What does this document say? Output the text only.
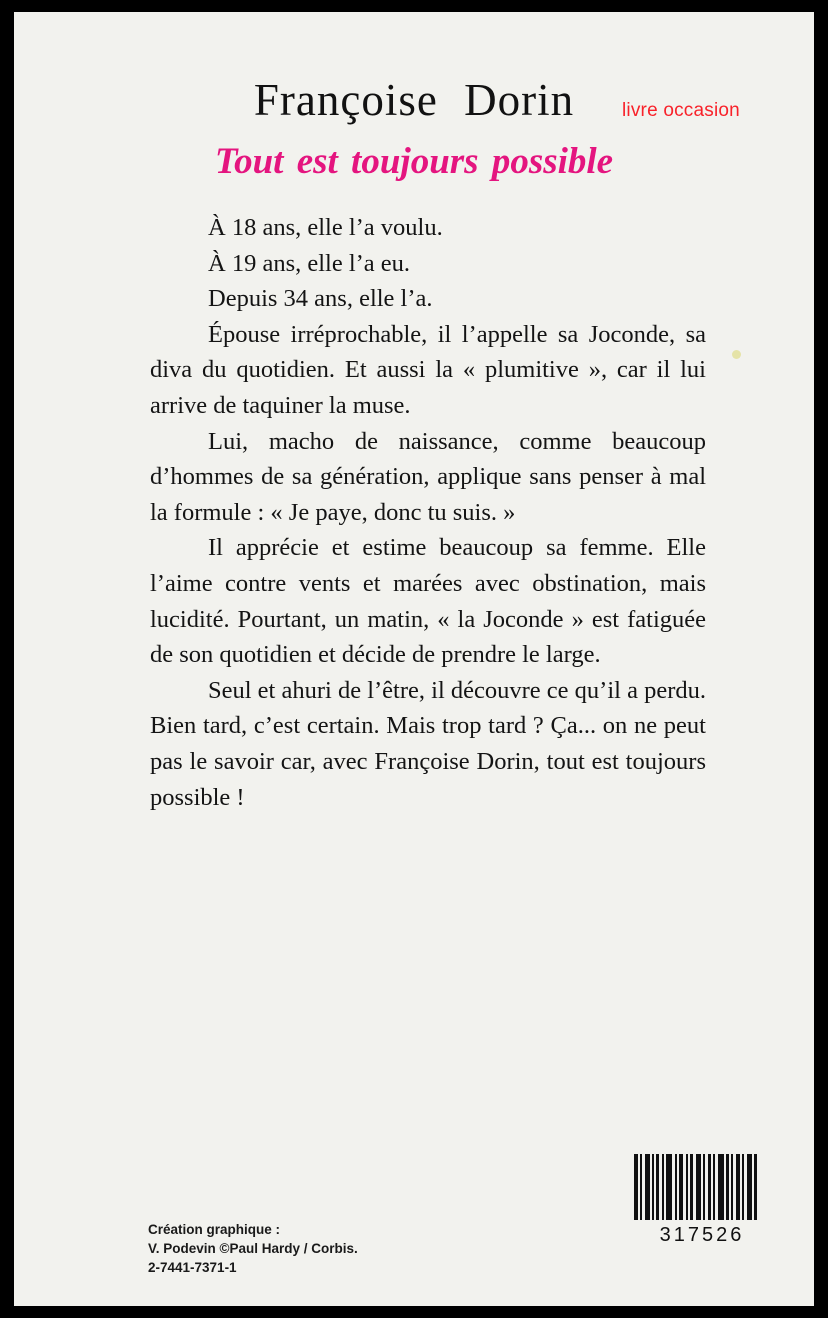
Françoise Dorin	livre occasion
Tout est toujours possible

À 18 ans, elle l’a voulu.

À 19 ans, elle l’a eu.

Depuis 34 ans, elle l’a.

Épouse irréprochable, il l’appelle sa Joconde, sa diva du quotidien. Et aussi la « plumitive », car il lui arrive de taquiner la muse.

Lui, macho de naissance, comme beaucoup d’hommes de sa génération, applique sans penser à mal la formule : « Je paye, donc tu suis. »

Il apprécie et estime beaucoup sa femme. Elle l’aime contre vents et marées avec obstination, mais lucidité. Pourtant, un matin, « la Joconde » est fatiguée de son quotidien et décide de prendre le large.

Seul et ahuri de l’être, il découvre ce qu’il a perdu. Bien tard, c’est certain. Mais trop tard ? Ça... on ne peut pas le savoir car, avec Françoise Dorin, tout est toujours possible !

Création graphique :
V. Podevin ©Paul Hardy / Corbis.
2-7441-7371-1
317526
